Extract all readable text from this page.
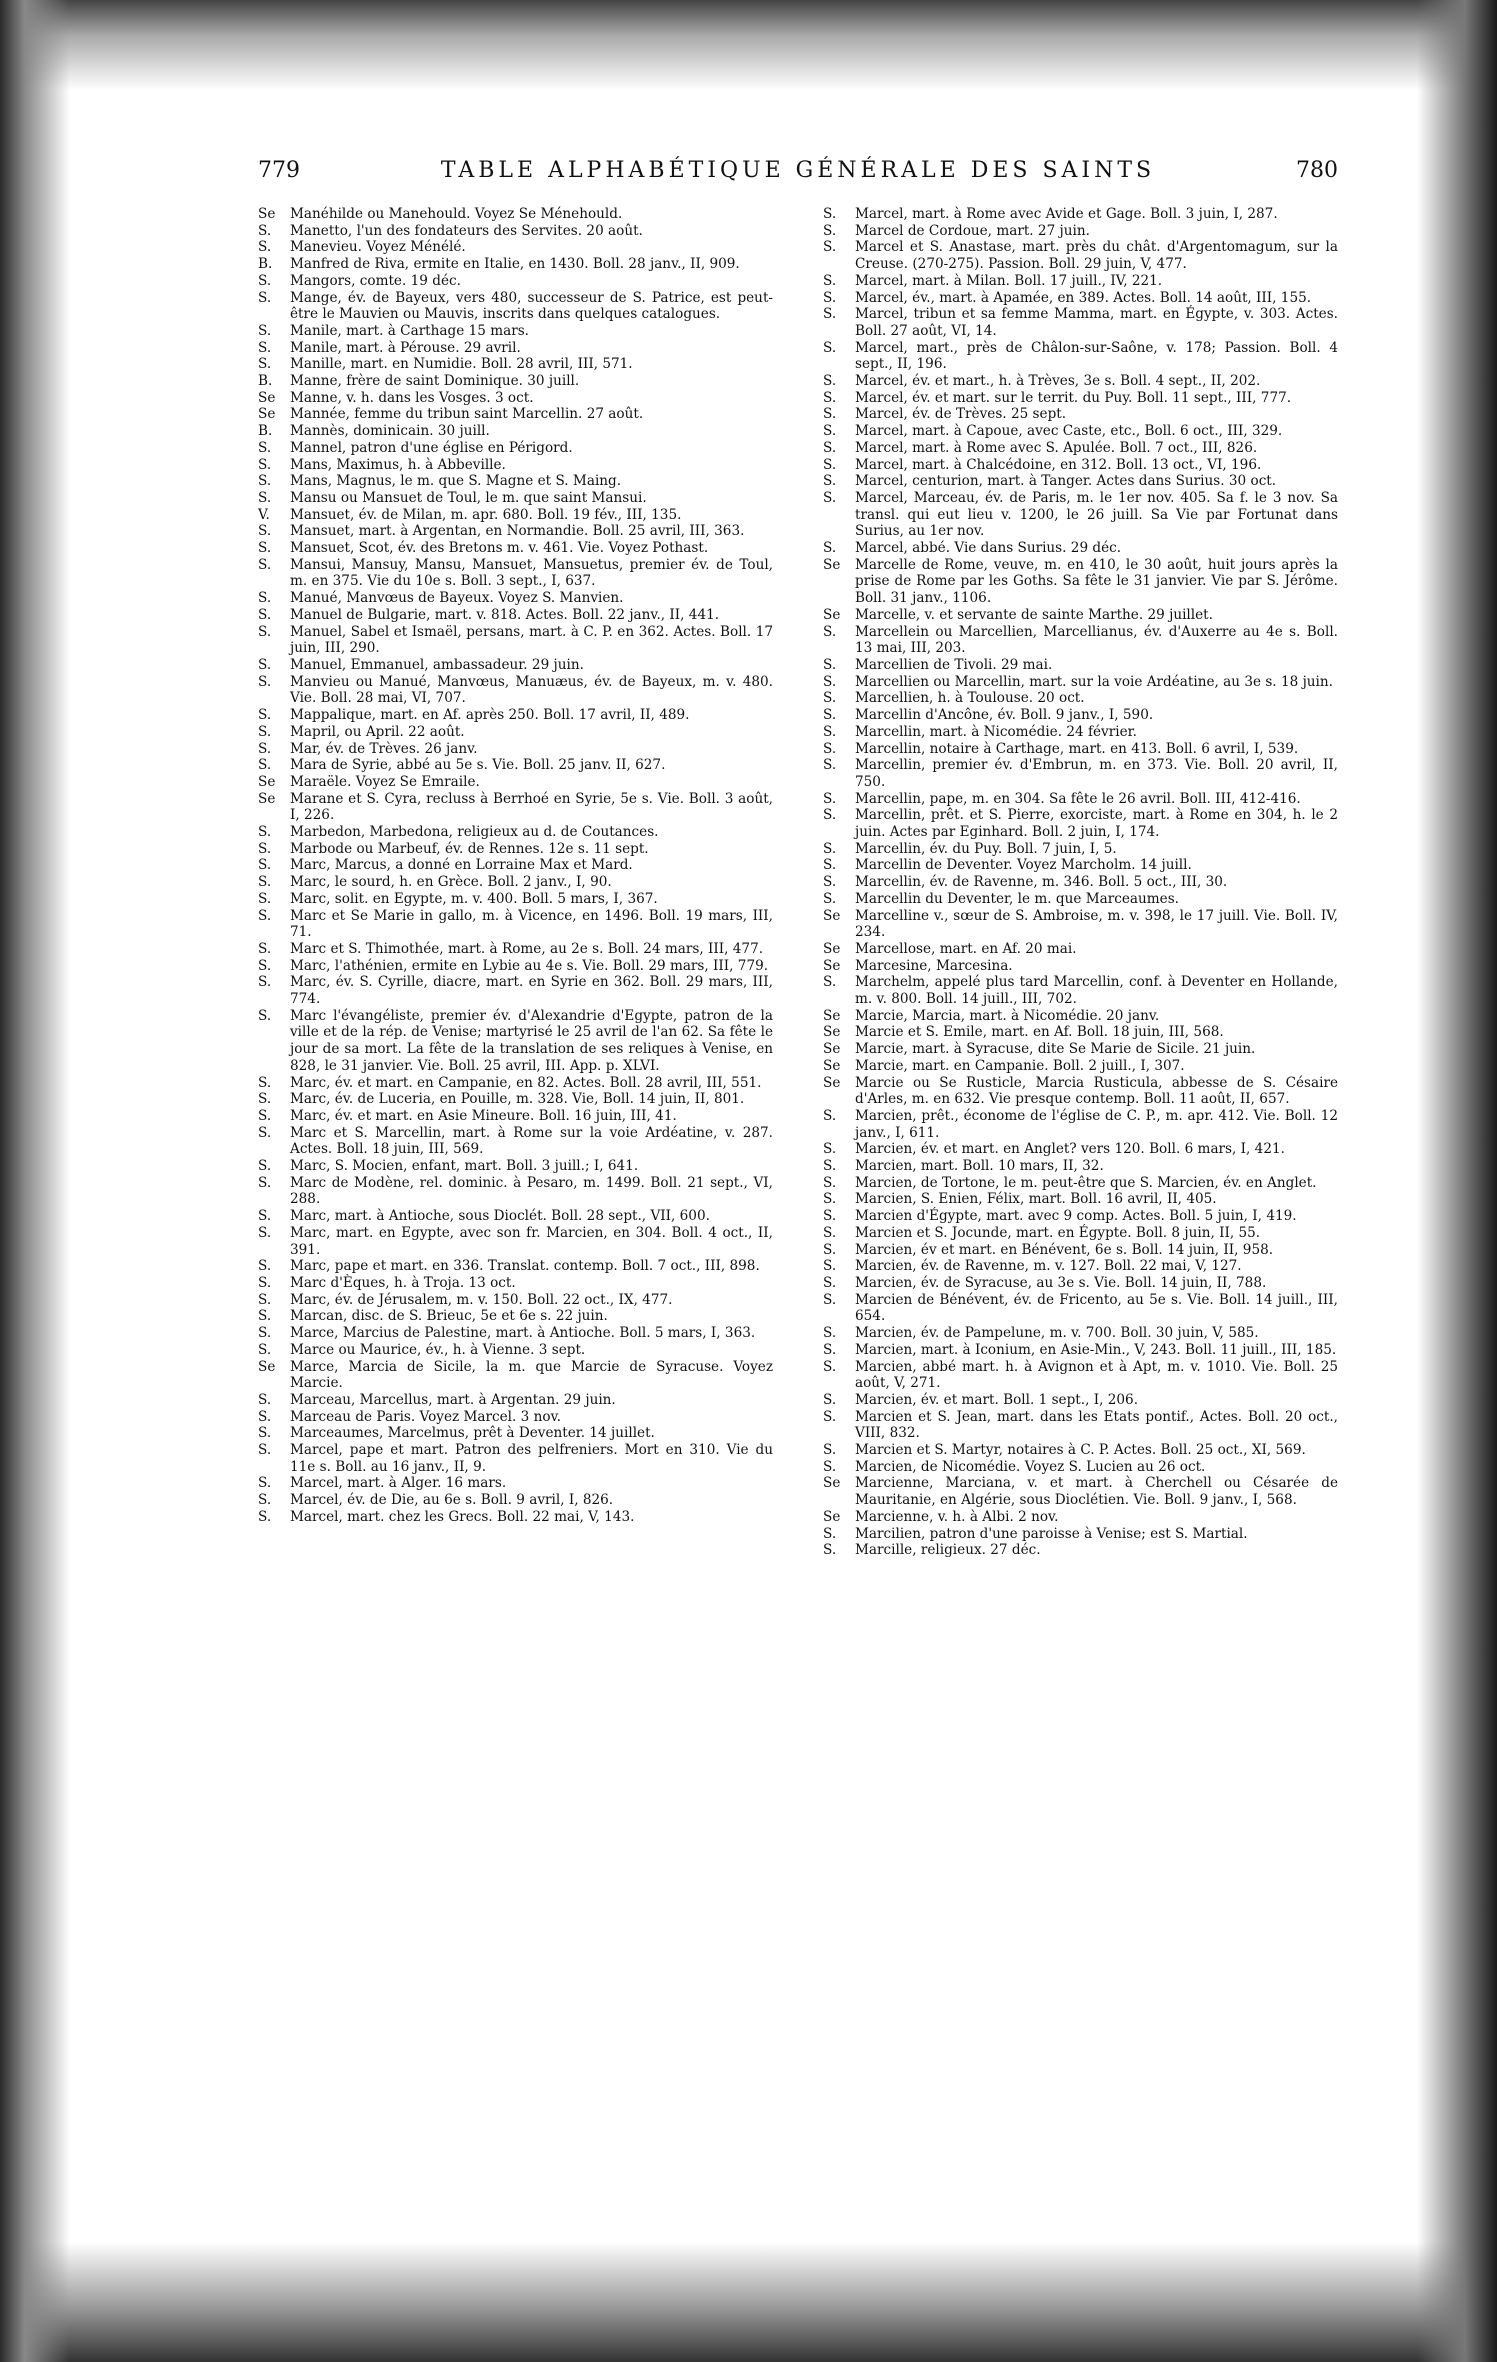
779	TABLE ALPHABÉTIQUE GÉNÉRALE DES SAINTS	780
Se	Manéhilde ou Manehould. Voyez Se Ménehould.
S.	Manetto, l'un des fondateurs des Servites. 20 août.
S.	Manevieu. Voyez Ménélé.
B.	Manfred de Riva, ermite en Italie, en 1430. Boll. 28 janv., II, 909.
S.	Mangors, comte. 19 déc.
S.	Mange, év. de Bayeux, vers 480, successeur de S. Patrice, est peut-être le Mauvien ou Mauvis, inscrits dans quelques catalogues.
S.	Manile, mart. à Carthage 15 mars.
S.	Manile, mart. à Pérouse. 29 avril.
S.	Manille, mart. en Numidie. Boll. 28 avril, III, 571.
B.	Manne, frère de saint Dominique. 30 juill.
Se	Manne, v. h. dans les Vosges. 3 oct.
Se	Mannée, femme du tribun saint Marcellin. 27 août.
B.	Mannès, dominicain. 30 juill.
S.	Mannel, patron d'une église en Périgord.
S.	Mans, Maximus, h. à Abbeville.
S.	Mans, Magnus, le m. que S. Magne et S. Maing.
S.	Mansu ou Mansuet de Toul, le m. que saint Mansui.
V.	Mansuet, év. de Milan, m. apr. 680. Boll. 19 fév., III, 135.
S.	Mansuet, mart. à Argentan, en Normandie. Boll. 25 avril, III, 363.
S.	Mansuet, Scot, év. des Bretons m. v. 461. Vie. Voyez Pothast.
S.	Mansui, Mansuy, Mansu, Mansuet, Mansuetus, premier év. de Toul, m. en 375. Vie du 10e s. Boll. 3 sept., I, 637.
S.	Manué, Manvœus de Bayeux. Voyez S. Manvien.
S.	Manuel de Bulgarie, mart. v. 818. Actes. Boll. 22 janv., II, 441.
S.	Manuel, Sabel et Ismaël, persans, mart. à C. P. en 362. Actes. Boll. 17 juin, III, 290.
S.	Manuel, Emmanuel, ambassadeur. 29 juin.
S.	Manvieu ou Manué, Manvœus, Manuæus, év. de Bayeux, m. v. 480. Vie. Boll. 28 mai, VI, 707.
S.	Mappalique, mart. en Af. après 250. Boll. 17 avril, II, 489.
S.	Mapril, ou April. 22 août.
S.	Mar, év. de Trèves. 26 janv.
S.	Mara de Syrie, abbé au 5e s. Vie. Boll. 25 janv. II, 627.
Se	Maraële. Voyez Se Emraile.
Se	Marane et S. Cyra, recluss à Berrhoé en Syrie, 5e s. Vie. Boll. 3 août, I, 226.
S.	Marbedon, Marbedona, religieux au d. de Coutances.
S.	Marbode ou Marbeuf, év. de Rennes. 12e s. 11 sept.
S.	Marc, Marcus, a donné en Lorraine Max et Mard.
S.	Marc, le sourd, h. en Grèce. Boll. 2 janv., I, 90.
S.	Marc, solit. en Egypte, m. v. 400. Boll. 5 mars, I, 367.
S.	Marc et Se Marie in gallo, m. à Vicence, en 1496. Boll. 19 mars, III, 71.
S.	Marc et S. Thimothée, mart. à Rome, au 2e s. Boll. 24 mars, III, 477.
S.	Marc, l'athénien, ermite en Lybie au 4e s. Vie. Boll. 29 mars, III, 779.
S.	Marc, év. S. Cyrille, diacre, mart. en Syrie en 362. Boll. 29 mars, III, 774.
S.	Marc l'évangéliste, premier év. d'Alexandrie d'Egypte, patron de la ville et de la rép. de Venise; martyrisé le 25 avril de l'an 62. Sa fête le jour de sa mort. La fête de la translation de ses reliques à Venise, en 828, le 31 janvier. Vie. Boll. 25 avril, III. App. p. XLVI.
S.	Marc, év. et mart. en Campanie, en 82. Actes. Boll. 28 avril, III, 551.
S.	Marc, év. de Luceria, en Pouille, m. 328. Vie, Boll. 14 juin, II, 801.
S.	Marc, év. et mart. en Asie Mineure. Boll. 16 juin, III, 41.
S.	Marc et S. Marcellin, mart. à Rome sur la voie Ardéatine, v. 287. Actes. Boll. 18 juin, III, 569.
S.	Marc, S. Mocien, enfant, mart. Boll. 3 juill.; I, 641.
S.	Marc de Modène, rel. dominic. à Pesaro, m. 1499. Boll. 21 sept., VI, 288.
S.	Marc, mart. à Antioche, sous Dioclét. Boll. 28 sept., VII, 600.
S.	Marc, mart. en Egypte, avec son fr. Marcien, en 304. Boll. 4 oct., II, 391.
S.	Marc, pape et mart. en 336. Translat. contemp. Boll. 7 oct., III, 898.
S.	Marc d'Èques, h. à Troja. 13 oct.
S.	Marc, év. de Jérusalem, m. v. 150. Boll. 22 oct., IX, 477.
S.	Marcan, disc. de S. Brieuc, 5e et 6e s. 22 juin.
S.	Marce, Marcius de Palestine, mart. à Antioche. Boll. 5 mars, I, 363.
S.	Marce ou Maurice, év., h. à Vienne. 3 sept.
Se	Marce, Marcia de Sicile, la m. que Marcie de Syracuse. Voyez Marcie.
S.	Marceau, Marcellus, mart. à Argentan. 29 juin.
S.	Marceau de Paris. Voyez Marcel. 3 nov.
S.	Marceaumes, Marcelmus, prêt à Deventer. 14 juillet.
S.	Marcel, pape et mart. Patron des pelfreniers. Mort en 310. Vie du 11e s. Boll. au 16 janv., II, 9.
S.	Marcel, mart. à Alger. 16 mars.
S.	Marcel, év. de Die, au 6e s. Boll. 9 avril, I, 826.
S.	Marcel, mart. chez les Grecs. Boll. 22 mai, V, 143.
S.	Marcel, mart. à Rome avec Avide et Gage. Boll. 3 juin, I, 287.
S.	Marcel de Cordoue, mart. 27 juin.
S.	Marcel et S. Anastase, mart. près du chât. d'Argentomagum, sur la Creuse. (270-275). Passion. Boll. 29 juin, V, 477.
S.	Marcel, mart. à Milan. Boll. 17 juill., IV, 221.
S.	Marcel, év., mart. à Apamée, en 389. Actes. Boll. 14 août, III, 155.
S.	Marcel, tribun et sa femme Mamma, mart. en Égypte, v. 303. Actes. Boll. 27 août, VI, 14.
S.	Marcel, mart., près de Châlon-sur-Saône, v. 178; Passion. Boll. 4 sept., II, 196.
S.	Marcel, év. et mart., h. à Trèves, 3e s. Boll. 4 sept., II, 202.
S.	Marcel, év. et mart. sur le territ. du Puy. Boll. 11 sept., III, 777.
S.	Marcel, év. de Trèves. 25 sept.
S.	Marcel, mart. à Capoue, avec Caste, etc., Boll. 6 oct., III, 329.
S.	Marcel, mart. à Rome avec S. Apulée. Boll. 7 oct., III, 826.
S.	Marcel, mart. à Chalcédoine, en 312. Boll. 13 oct., VI, 196.
S.	Marcel, centurion, mart. à Tanger. Actes dans Surius. 30 oct.
S.	Marcel, Marceau, év. de Paris, m. le 1er nov. 405. Sa f. le 3 nov. Sa transl. qui eut lieu v. 1200, le 26 juill. Sa Vie par Fortunat dans Surius, au 1er nov.
S.	Marcel, abbé. Vie dans Surius. 29 déc.
Se	Marcelle de Rome, veuve, m. en 410, le 30 août, huit jours après la prise de Rome par les Goths. Sa fête le 31 janvier. Vie par S. Jérôme. Boll. 31 janv., 1106.
Se	Marcelle, v. et servante de sainte Marthe. 29 juillet.
S.	Marcellein ou Marcellien, Marcellianus, év. d'Auxerre au 4e s. Boll. 13 mai, III, 203.
S.	Marcellien de Tivoli. 29 mai.
S.	Marcellien ou Marcellin, mart. sur la voie Ardéatine, au 3e s. 18 juin.
S.	Marcellien, h. à Toulouse. 20 oct.
S.	Marcellin d'Ancône, év. Boll. 9 janv., I, 590.
S.	Marcellin, mart. à Nicomédie. 24 février.
S.	Marcellin, notaire à Carthage, mart. en 413. Boll. 6 avril, I, 539.
S.	Marcellin, premier év. d'Embrun, m. en 373. Vie. Boll. 20 avril, II, 750.
S.	Marcellin, pape, m. en 304. Sa fête le 26 avril. Boll. III, 412-416.
S.	Marcellin, prêt. et S. Pierre, exorciste, mart. à Rome en 304, h. le 2 juin. Actes par Eginhard. Boll. 2 juin, I, 174.
S.	Marcellin, év. du Puy. Boll. 7 juin, I, 5.
S.	Marcellin de Deventer. Voyez Marcholm. 14 juill.
S.	Marcellin, év. de Ravenne, m. 346. Boll. 5 oct., III, 30.
S.	Marcellin du Deventer, le m. que Marceaumes.
Se	Marcelline v., sœur de S. Ambroise, m. v. 398, le 17 juill. Vie. Boll. IV, 234.
Se	Marcellose, mart. en Af. 20 mai.
Se	Marcesine, Marcesina.
S.	Marchelm, appelé plus tard Marcellin, conf. à Deventer en Hollande, m. v. 800. Boll. 14 juill., III, 702.
Se	Marcie, Marcia, mart. à Nicomédie. 20 janv.
Se	Marcie et S. Emile, mart. en Af. Boll. 18 juin, III, 568.
Se	Marcie, mart. à Syracuse, dite Se Marie de Sicile. 21 juin.
Se	Marcie, mart. en Campanie. Boll. 2 juill., I, 307.
Se	Marcie ou Se Rusticle, Marcia Rusticula, abbesse de S. Césaire d'Arles, m. en 632. Vie presque contemp. Boll. 11 août, II, 657.
S.	Marcien, prêt., économe de l'église de C. P., m. apr. 412. Vie. Boll. 12 janv., I, 611.
S.	Marcien, év. et mart. en Anglet? vers 120. Boll. 6 mars, I, 421.
S.	Marcien, mart. Boll. 10 mars, II, 32.
S.	Marcien, de Tortone, le m. peut-être que S. Marcien, év. en Anglet.
S.	Marcien, S. Enien, Félix, mart. Boll. 16 avril, II, 405.
S.	Marcien d'Égypte, mart. avec 9 comp. Actes. Boll. 5 juin, I, 419.
S.	Marcien et S. Jocunde, mart. en Égypte. Boll. 8 juin, II, 55.
S.	Marcien, év et mart. en Bénévent, 6e s. Boll. 14 juin, II, 958.
S.	Marcien, év. de Ravenne, m. v. 127. Boll. 22 mai, V, 127.
S.	Marcien, év. de Syracuse, au 3e s. Vie. Boll. 14 juin, II, 788.
S.	Marcien de Bénévent, év. de Fricento, au 5e s. Vie. Boll. 14 juill., III, 654.
S.	Marcien, év. de Pampelune, m. v. 700. Boll. 30 juin, V, 585.
S.	Marcien, mart. à Iconium, en Asie-Min., V, 243. Boll. 11 juill., III, 185.
S.	Marcien, abbé mart. h. à Avignon et à Apt, m. v. 1010. Vie. Boll. 25 août, V, 271.
S.	Marcien, év. et mart. Boll. 1 sept., I, 206.
S.	Marcien et S. Jean, mart. dans les Etats pontif., Actes. Boll. 20 oct., VIII, 832.
S.	Marcien et S. Martyr, notaires à C. P. Actes. Boll. 25 oct., XI, 569.
S.	Marcien, de Nicomédie. Voyez S. Lucien au 26 oct.
Se	Marcienne, Marciana, v. et mart. à Cherchell ou Césarée de Mauritanie, en Algérie, sous Dioclétien. Vie. Boll. 9 janv., I, 568.
Se	Marcienne, v. h. à Albi. 2 nov.
S.	Marcilien, patron d'une paroisse à Venise; est S. Martial.
S.	Marcille, religieux. 27 déc.
